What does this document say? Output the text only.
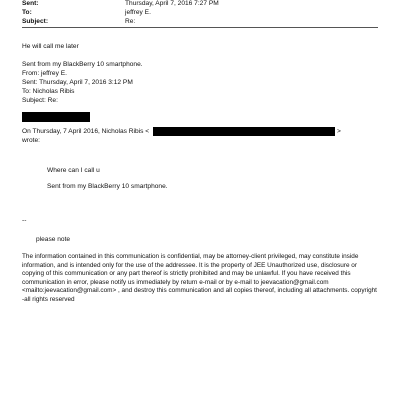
Sent:	Thursday, April 7, 2016 7:27 PM
To:	jeffrey E.
Subject:	Re:
He will call me later
Sent from my BlackBerry 10 smartphone.
From: jeffrey E.
Sent: Thursday, April 7, 2016 3:12 PM
To: Nicholas Ribis
Subject: Re:
On Thursday, 7 April 2016, Nicholas Ribis <	>
wrote:
Where can I call u
Sent from my BlackBerry 10 smartphone.
--
please note
The information contained in this communication is confidential, may be attorney-client privileged, may constitute inside information, and is intended only for the use of the addressee. It is the property of JEE Unauthorized use, disclosure or copying of this communication or any part thereof is strictly prohibited and may be unlawful. If you have received this communication in error, please notify us immediately by return e-mail or by e-mail to jeevacation@gmail.com <mailto:jeevacation@gmail.com> , and destroy this communication and all copies thereof, including all attachments. copyright -all rights reserved
